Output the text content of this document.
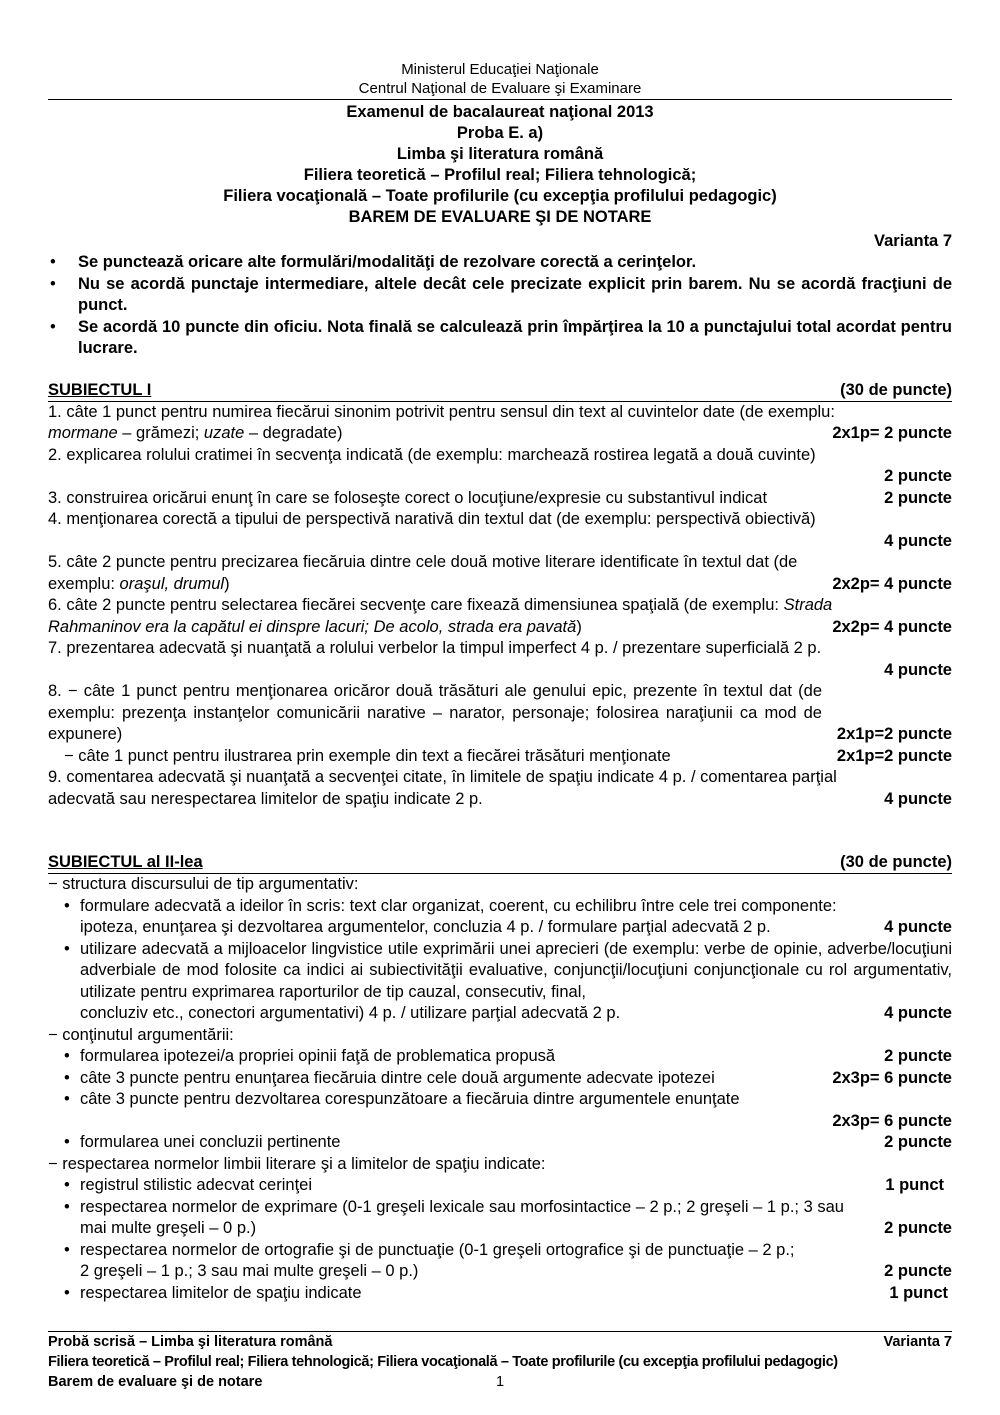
Ministerul Educaţiei Naţionale
Centrul Naţional de Evaluare şi Examinare
Examenul de bacalaureat naţional 2013
Proba E. a)
Limba şi literatura română
Filiera teoretică – Profilul real; Filiera tehnologică;
Filiera vocaţională – Toate profilurile (cu excepţia profilului pedagogic)
BAREM DE EVALUARE ŞI DE NOTARE
Varianta 7
• Se punctează oricare alte formulări/modalităţi de rezolvare corectă a cerinţelor.
• Nu se acordă punctaje intermediare, altele decât cele precizate explicit prin barem. Nu se acordă fracţiuni de punct.
• Se acordă 10 puncte din oficiu. Nota finală se calculează prin împărţirea la 10 a punctajului total acordat pentru lucrare.
SUBIECTUL I	(30 de puncte)
1. câte 1 punct pentru numirea fiecărui sinonim potrivit pentru sensul din text al cuvintelor date (de exemplu:
mormane – grămezi; uzate – degradate)	2x1p= 2 puncte
2. explicarea rolului cratimei în secvenţa indicată (de exemplu: marchează rostirea legată a două cuvinte)
2 puncte
3. construirea oricărui enunţ în care se foloseşte corect o locuţiune/expresie cu substantivul indicat	2 puncte
4. menţionarea corectă a tipului de perspectivă narativă din textul dat (de exemplu: perspectivă obiectivă)
4 puncte
5. câte 2 puncte pentru precizarea fiecăruia dintre cele două motive literare identificate în textul dat (de
exemplu: oraşul, drumul)	2x2p= 4 puncte
6. câte 2 puncte pentru selectarea fiecărei secvenţe care fixează dimensiunea spaţială (de exemplu: Strada
Rahmaninov era la capătul ei dinspre lacuri; De acolo, strada era pavată)	2x2p= 4 puncte
7. prezentarea adecvată şi nuanţată a rolului verbelor la timpul imperfect 4 p. / prezentare superficială 2 p.
4 puncte
8. − câte 1 punct pentru menţionarea oricăror două trăsături ale genului epic, prezente în textul dat (de exemplu: prezenţa instanţelor comunicării narative – narator, personaje; folosirea naraţiunii ca mod de expunere)	2x1p=2 puncte
− câte 1 punct pentru ilustrarea prin exemple din text a fiecărei trăsături menţionate	2x1p=2 puncte
9. comentarea adecvată şi nuanţată a secvenţei citate, în limitele de spaţiu indicate 4 p. / comentarea parţial
adecvată sau nerespectarea limitelor de spaţiu indicate 2 p.	4 puncte
SUBIECTUL al II-lea	(30 de puncte)
− structura discursului de tip argumentativ:
• formulare adecvată a ideilor în scris: text clar organizat, coerent, cu echilibru între cele trei componente:
ipoteza, enunţarea şi dezvoltarea argumentelor, concluzia 4 p. / formulare parţial adecvată 2 p.	4 puncte
• utilizare adecvată a mijloacelor lingvistice utile exprimării unei aprecieri (de exemplu: verbe de opinie, adverbe/locuţiuni adverbiale de mod folosite ca indici ai subiectivităţii evaluative, conjuncţii/locuţiuni conjuncţionale cu rol argumentativ, utilizate pentru exprimarea raporturilor de tip cauzal, consecutiv, final,
concluziv etc., conectori argumentativi) 4 p. / utilizare parţial adecvată 2 p.	4 puncte
− conţinutul argumentării:
• formularea ipotezei/a propriei opinii faţă de problematica propusă	2 puncte
• câte 3 puncte pentru enunţarea fiecăruia dintre cele două argumente adecvate ipotezei	2x3p= 6 puncte
• câte 3 puncte pentru dezvoltarea corespunzătoare a fiecăruia dintre argumentele enunţate
2x3p= 6 puncte
• formularea unei concluzii pertinente	2 puncte
− respectarea normelor limbii literare şi a limitelor de spaţiu indicate:
• registrul stilistic adecvat cerinţei	1 punct
• respectarea normelor de exprimare (0-1 greşeli lexicale sau morfosintactice – 2 p.; 2 greşeli – 1 p.; 3 sau
mai multe greşeli – 0 p.)	2 puncte
• respectarea normelor de ortografie şi de punctuaţie (0-1 greşeli ortografice şi de punctuaţie – 2 p.;
2 greşeli – 1 p.; 3 sau mai multe greşeli – 0 p.)	2 puncte
• respectarea limitelor de spaţiu indicate	1 punct
Probă scrisă – Limba şi literatura română	Varianta 7
Filiera teoretică – Profilul real; Filiera tehnologică; Filiera vocaţională – Toate profilurile (cu excepţia profilului pedagogic)
Barem de evaluare şi de notare	1
